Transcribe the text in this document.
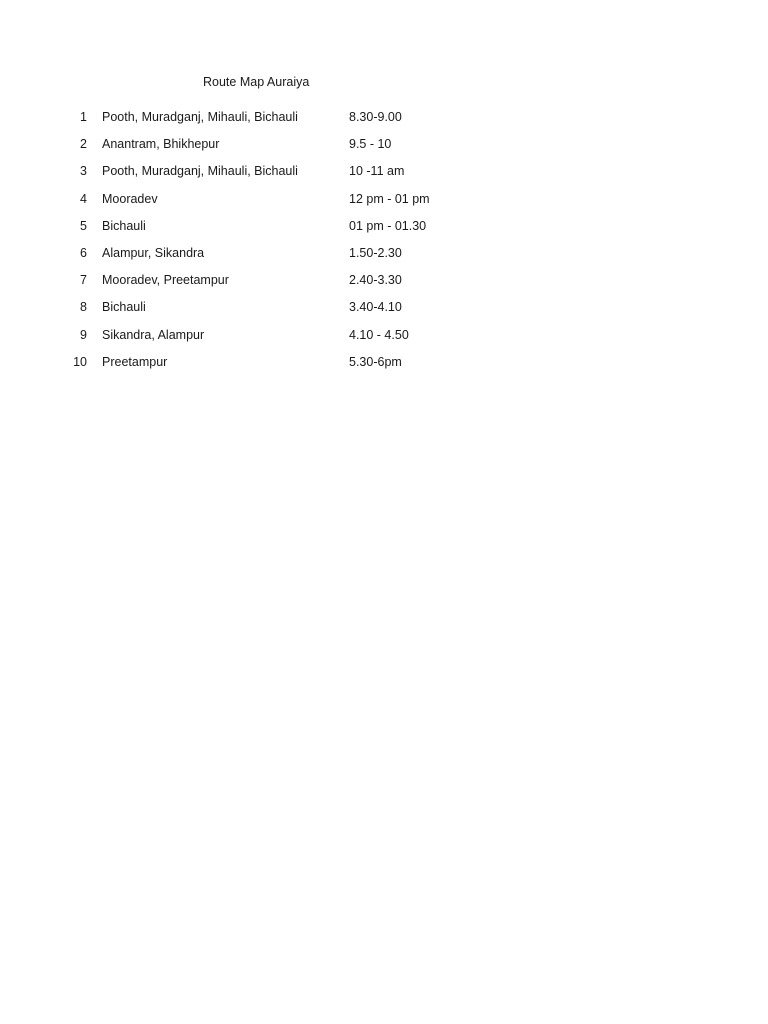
Route Map Auraiya
1 Pooth, Muradganj, Mihauli, Bichauli	8.30-9.00
2 Anantram, Bhikhepur	9.5 - 10
3 Pooth, Muradganj, Mihauli, Bichauli	10 -11 am
4 Mooradev	12 pm - 01 pm
5 Bichauli	01 pm - 01.30
6 Alampur, Sikandra	1.50-2.30
7 Mooradev, Preetampur	2.40-3.30
8 Bichauli	3.40-4.10
9 Sikandra, Alampur	4.10 - 4.50
10 Preetampur	5.30-6pm
